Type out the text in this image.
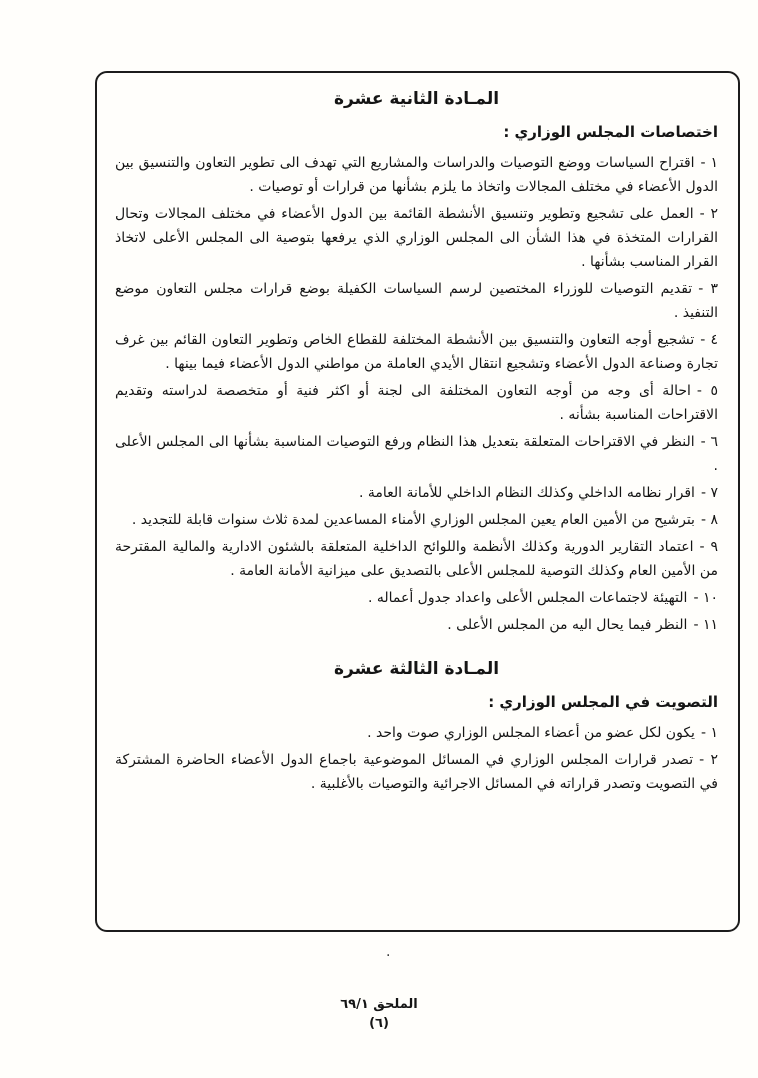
المـادة الثانية عشرة
اختصاصات المجلس الوزاري :
١ -اقتراح السياسات ووضع التوصيات والدراسات والمشاريع التي تهدف الى تطوير التعاون والتنسيق بين الدول الأعضاء في مختلف المجالات واتخاذ ما يلزم بشأنها من قرارات أو توصيات .
٢ -العمل على تشجيع وتطوير وتنسيق الأنشطة القائمة بين الدول الأعضاء في مختلف المجالات وتحال القرارات المتخذة في هذا الشأن الى المجلس الوزاري الذي يرفعها بتوصية الى المجلس الأعلى لاتخاذ القرار المناسب بشأنها .
٣ -تقديم التوصيات للوزراء المختصين لرسم السياسات الكفيلة بوضع قرارات مجلس التعاون موضع التنفيذ .
٤ -تشجيع أوجه التعاون والتنسيق بين الأنشطة المختلفة للقطاع الخاص وتطوير التعاون القائم بين غرف تجارة وصناعة الدول الأعضاء وتشجيع انتقال الأيدي العاملة من مواطني الدول الأعضاء فيما بينها .
٥ -احالة أى وجه من أوجه التعاون المختلفة الى لجنة أو اكثر فنية أو متخصصة لدراسته وتقديم الاقتراحات المناسبة بشأنه .
٦ -النظر في الاقتراحات المتعلقة بتعديل هذا النظام ورفع التوصيات المناسبة بشأنها الى المجلس الأعلى .
٧ -اقرار نظامه الداخلي وكذلك النظام الداخلي للأمانة العامة .
٨ -بترشيح من الأمين العام يعين المجلس الوزاري الأمناء المساعدين لمدة ثلاث سنوات قابلة للتجديد .
٩ -اعتماد التقارير الدورية وكذلك الأنظمة واللوائح الداخلية المتعلقة بالشئون الادارية والمالية المقترحة من الأمين العام وكذلك التوصية للمجلس الأعلى بالتصديق على ميزانية الأمانة العامة .
١٠ -التهيئة لاجتماعات المجلس الأعلى واعداد جدول أعماله .
١١ -النظر فيما يحال اليه من المجلس الأعلى .
المـادة الثالثة عشرة
التصويت في المجلس الوزاري :
١ -يكون لكل عضو من أعضاء المجلس الوزاري صوت واحد .
٢ -تصدر قرارات المجلس الوزاري في المسائل الموضوعية باجماع الدول الأعضاء الحاضرة المشتركة في التصويت وتصدر قراراته في المسائل الاجرائية والتوصيات بالأغلبية .
.
الملحق ٦٩/١
(٦)
